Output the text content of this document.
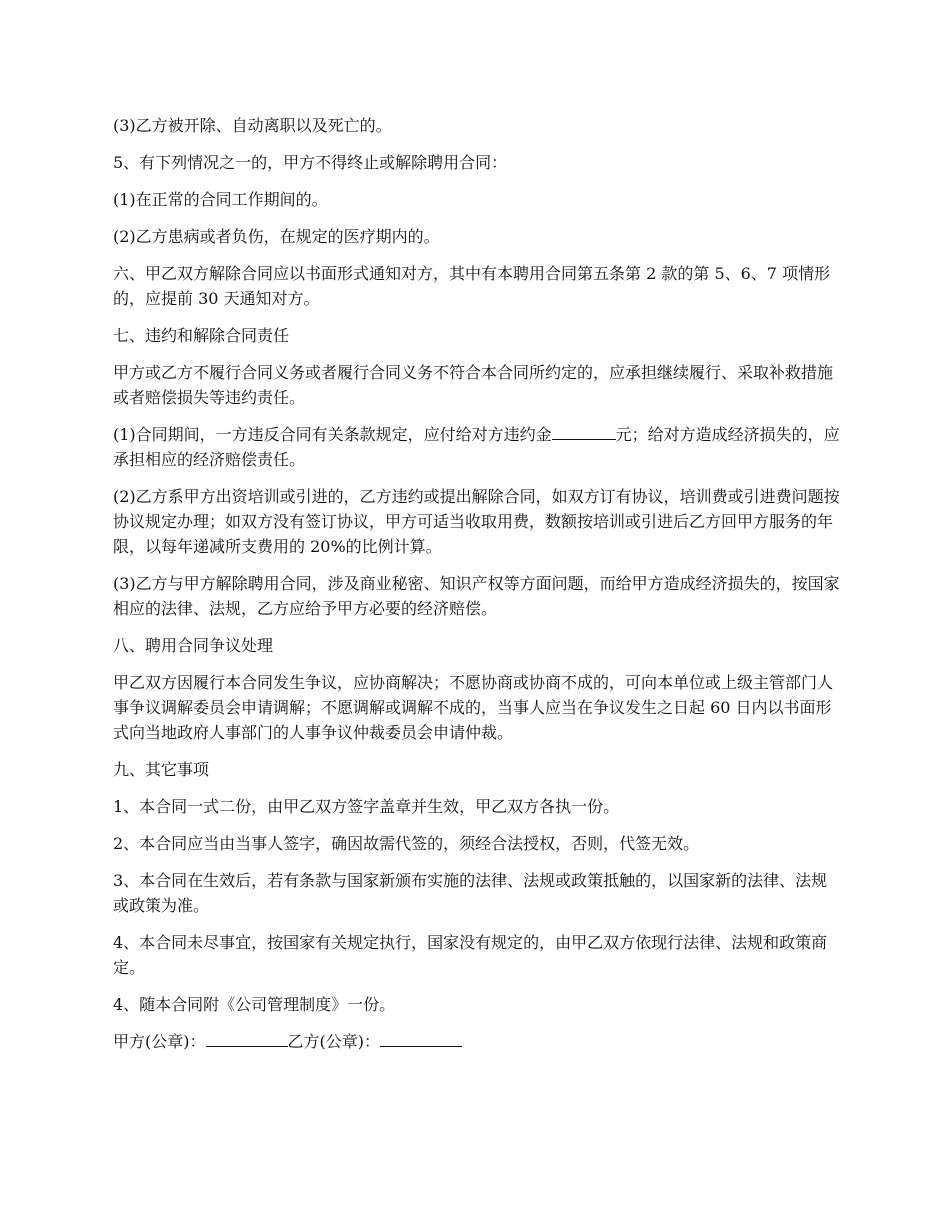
(3)乙方被开除、自动离职以及死亡的。

5、有下列情况之一的，甲方不得终止或解除聘用合同：

(1)在正常的合同工作期间的。

(2)乙方患病或者负伤，在规定的医疗期内的。

六、甲乙双方解除合同应以书面形式通知对方，其中有本聘用合同第五条第 2 款的第 5、6、7 项情形的，应提前 30 天通知对方。

七、违约和解除合同责任

甲方或乙方不履行合同义务或者履行合同义务不符合本合同所约定的，应承担继续履行、采取补救措施或者赔偿损失等违约责任。

(1)合同期间，一方违反合同有关条款规定，应付给对方违约金	元；给对方造成经济损失的，应承担相应的经济赔偿责任。

(2)乙方系甲方出资培训或引进的，乙方违约或提出解除合同，如双方订有协议，培训费或引进费问题按协议规定办理；如双方没有签订协议，甲方可适当收取用费，数额按培训或引进后乙方回甲方服务的年限，以每年递减所支费用的 20%的比例计算。

(3)乙方与甲方解除聘用合同，涉及商业秘密、知识产权等方面问题，而给甲方造成经济损失的，按国家相应的法律、法规，乙方应给予甲方必要的经济赔偿。

八、聘用合同争议处理

甲乙双方因履行本合同发生争议，应协商解决；不愿协商或协商不成的，可向本单位或上级主管部门人事争议调解委员会申请调解；不愿调解或调解不成的，当事人应当在争议发生之日起 60 日内以书面形式向当地政府人事部门的人事争议仲裁委员会申请仲裁。

九、其它事项

1、本合同一式二份，由甲乙双方签字盖章并生效，甲乙双方各执一份。

2、本合同应当由当事人签字，确因故需代签的，须经合法授权，否则，代签无效。

3、本合同在生效后，若有条款与国家新颁布实施的法律、法规或政策抵触的，以国家新的法律、法规或政策为准。

4、本合同未尽事宜，按国家有关规定执行，国家没有规定的，由甲乙双方依现行法律、法规和政策商定。

4、随本合同附《公司管理制度》一份。

甲方(公章)：	乙方(公章)：
